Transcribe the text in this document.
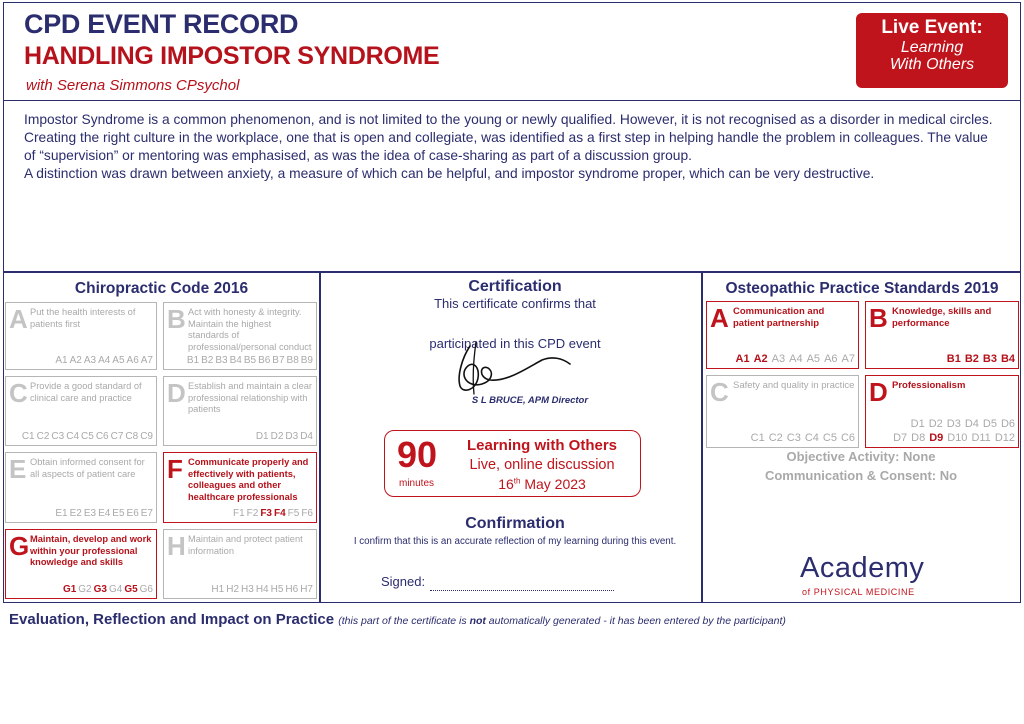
CPD EVENT RECORD
HANDLING IMPOSTOR SYNDROME
with Serena Simmons CPsychol
Live Event:
Learning
With Others

Impostor Syndrome is a common phenomenon, and is not limited to the young or newly qualified. However, it is not recognised as a disorder in medical circles.

Creating the right culture in the workplace, one that is open and collegiate, was identified as a first step in helping handle the problem in colleagues. The value of “supervision” or mentoring was emphasised, as was the idea of case-sharing as part of a discussion group.

A distinction was drawn between anxiety, a measure of which can be helpful, and impostor syndrome proper, which can be very destructive.

Chiropractic Code 2016
A Put the health interests of patients first
A1 A2 A3 A4 A5 A6 A7
B Act with honesty & integrity. Maintain the highest standards of professional/personal conduct
B1 B2 B3 B4 B5 B6 B7 B8 B9
C Provide a good standard of clinical care and practice
C1 C2 C3 C4 C5 C6 C7 C8 C9
D Establish and maintain a clear professional relationship with patients
D1 D2 D3 D4
E Obtain informed consent for all aspects of patient care
E1 E2 E3 E4 E5 E6 E7
F Communicate properly and effectively with patients, colleagues and other healthcare professionals
F1 F2 F3 F4 F5 F6
G Maintain, develop and work within your professional knowledge and skills
G1 G2 G3 G4 G5 G6
H Maintain and protect patient information
H1 H2 H3 H4 H5 H6 H7
Certification
This certificate confirms that
participated in this CPD event
S L BRUCE, APM Director
90
minutes
Learning with Others
Live, online discussion
16th May 2023
Confirmation
I confirm that this is an accurate reflection of my learning during this event.
Signed:
Osteopathic Practice Standards 2019
A Communication and patient partnership
A1 A2 A3 A4 A5 A6 A7
B Knowledge, skills and performance
B1 B2 B3 B4
C Safety and quality in practice
C1 C2 C3 C4 C5 C6
D Professionalism
D1 D2 D3 D4 D5 D6
D7 D8 D9 D10 D11 D12
Objective Activity: None
Communication & Consent: No
Academy
of PHYSICAL MEDICINE
Evaluation, Reflection and Impact on Practice (this part of the certificate is not automatically generated - it has been entered by the participant)
